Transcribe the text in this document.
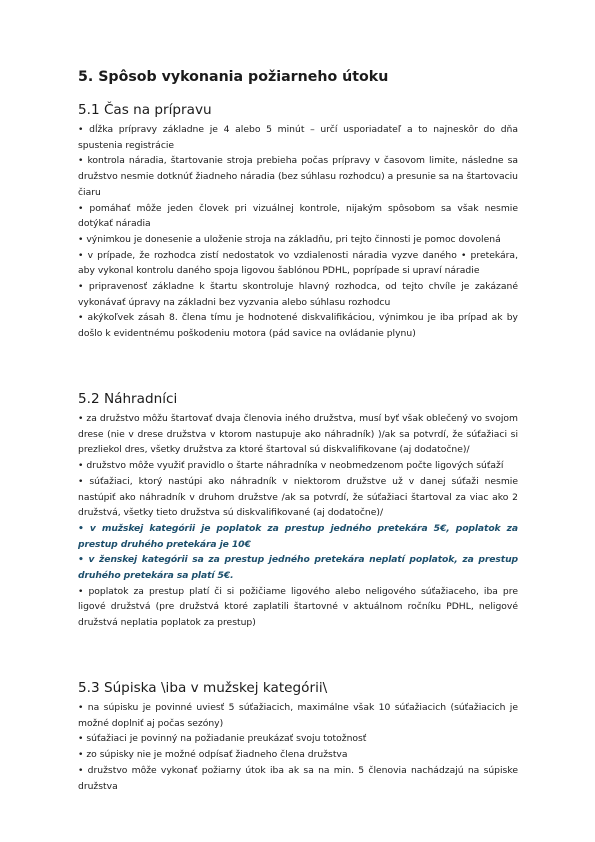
5. Spôsob vykonania požiarneho útoku
5.1 Čas na prípravu
• dĺžka prípravy základne je 4 alebo 5 minút – určí usporiadateľ a to najneskôr do dňa spustenia registrácie
• kontrola náradia, štartovanie stroja prebieha počas prípravy v časovom limite, následne sa družstvo nesmie dotknúť žiadneho náradia (bez súhlasu rozhodcu) a presunie sa na štartovaciu čiaru
• pomáhať môže jeden človek pri vizuálnej kontrole, nijakým spôsobom sa však nesmie dotýkať náradia
• výnimkou je donesenie a uloženie stroja na základňu, pri tejto činnosti je pomoc dovolená
• v prípade, že rozhodca zistí nedostatok vo vzdialenosti náradia vyzve daného • pretekára, aby vykonal kontrolu daného spoja ligovou šablónou PDHL, poprípade si upraví náradie
• pripravenosť základne k štartu skontroluje hlavný rozhodca, od tejto chvíle je zakázané vykonávať úpravy na základni bez vyzvania alebo súhlasu rozhodcu
• akýkoľvek zásah 8. člena tímu je hodnotené diskvalifikáciou, výnimkou je iba prípad ak by došlo k evidentnému poškodeniu motora (pád savice na ovládanie plynu)
5.2 Náhradníci
• za družstvo môžu štartovať dvaja členovia iného družstva, musí byť však oblečený vo svojom drese (nie v drese družstva v ktorom nastupuje ako náhradník) )/ak sa potvrdí, že súťažiaci si prezliekol dres, všetky družstva za ktoré štartoval sú diskvalifikovane (aj dodatočne)/
• družstvo môže využiť pravidlo o štarte náhradníka v neobmedzenom počte ligových súťaží
• súťažiaci, ktorý nastúpi ako náhradník v niektorom družstve už v danej súťaži nesmie nastúpiť ako náhradník v druhom družstve /ak sa potvrdí, že súťažiaci štartoval za viac ako 2 družstvá, všetky tieto družstva sú diskvalifikované (aj dodatočne)/
• v mužskej kategórii je poplatok za prestup jedného pretekára 5€, poplatok za prestup druhého pretekára je 10€
• v ženskej kategórii sa za prestup jedného pretekára neplatí poplatok, za prestup druhého pretekára sa platí 5€.
• poplatok za prestup platí či si požičiame ligového alebo neligového súťažiaceho, iba pre ligové družstvá (pre družstvá ktoré zaplatili štartovné v aktuálnom ročníku PDHL, neligové družstvá neplatia poplatok za prestup)
5.3 Súpiska \iba v mužskej kategórii\
• na súpisku je povinné uviesť 5 súťažiacich, maximálne však 10 súťažiacich (súťažiacich je možné doplniť aj počas sezóny)
• súťažiaci je povinný na požiadanie preukázať svoju totožnosť
• zo súpisky nie je možné odpísať žiadneho člena družstva
• družstvo môže vykonať požiarny útok iba ak sa na min. 5 členovia nachádzajú na súpiske družstva
